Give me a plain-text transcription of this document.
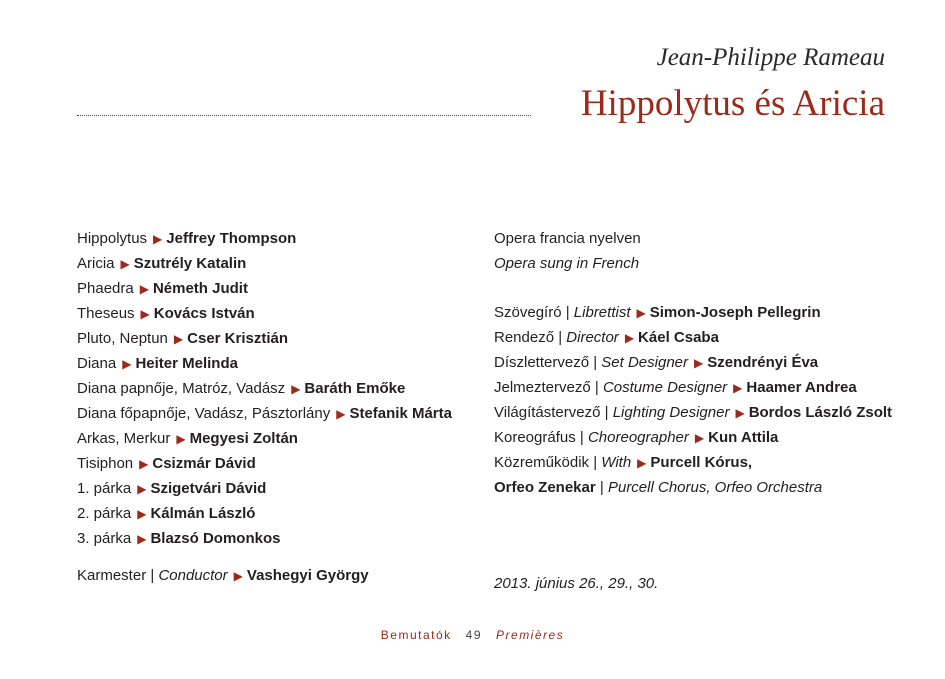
Jean-Philippe Rameau
Hippolytus és Aricia
Hippolytus ▶ Jeffrey Thompson
Aricia ▶ Szutrély Katalin
Phaedra ▶ Németh Judit
Theseus ▶ Kovács István
Pluto, Neptun ▶ Cser Krisztián
Diana ▶ Heiter Melinda
Diana papnője, Matróz, Vadász ▶ Baráth Emőke
Diana főpapnője, Vadász, Pásztorlány ▶ Stefanik Márta
Arkas, Merkur ▶ Megyesi Zoltán
Tisiphon ▶ Csizmár Dávid
1. párka ▶ Szigetvári Dávid
2. párka ▶ Kálmán László
3. párka ▶ Blazsó Domonkos
Karmester | Conductor ▶ Vashegyi György
Opera francia nyelven
Opera sung in French
Szövegíró | Librettist ▶ Simon-Joseph Pellegrin
Rendező | Director ▶ Káel Csaba
Díszlettervező | Set Designer ▶ Szendrényi Éva
Jelmeztervező | Costume Designer ▶ Haamer Andrea
Világítástervező | Lighting Designer ▶ Bordos László Zsolt
Koreográfus | Choreographer ▶ Kun Attila
Közreműködik | With ▶ Purcell Kórus,
Orfeo Zenekar | Purcell Chorus, Orfeo Orchestra
2013. június 26., 29., 30.
Bemutatók 49 Premières
